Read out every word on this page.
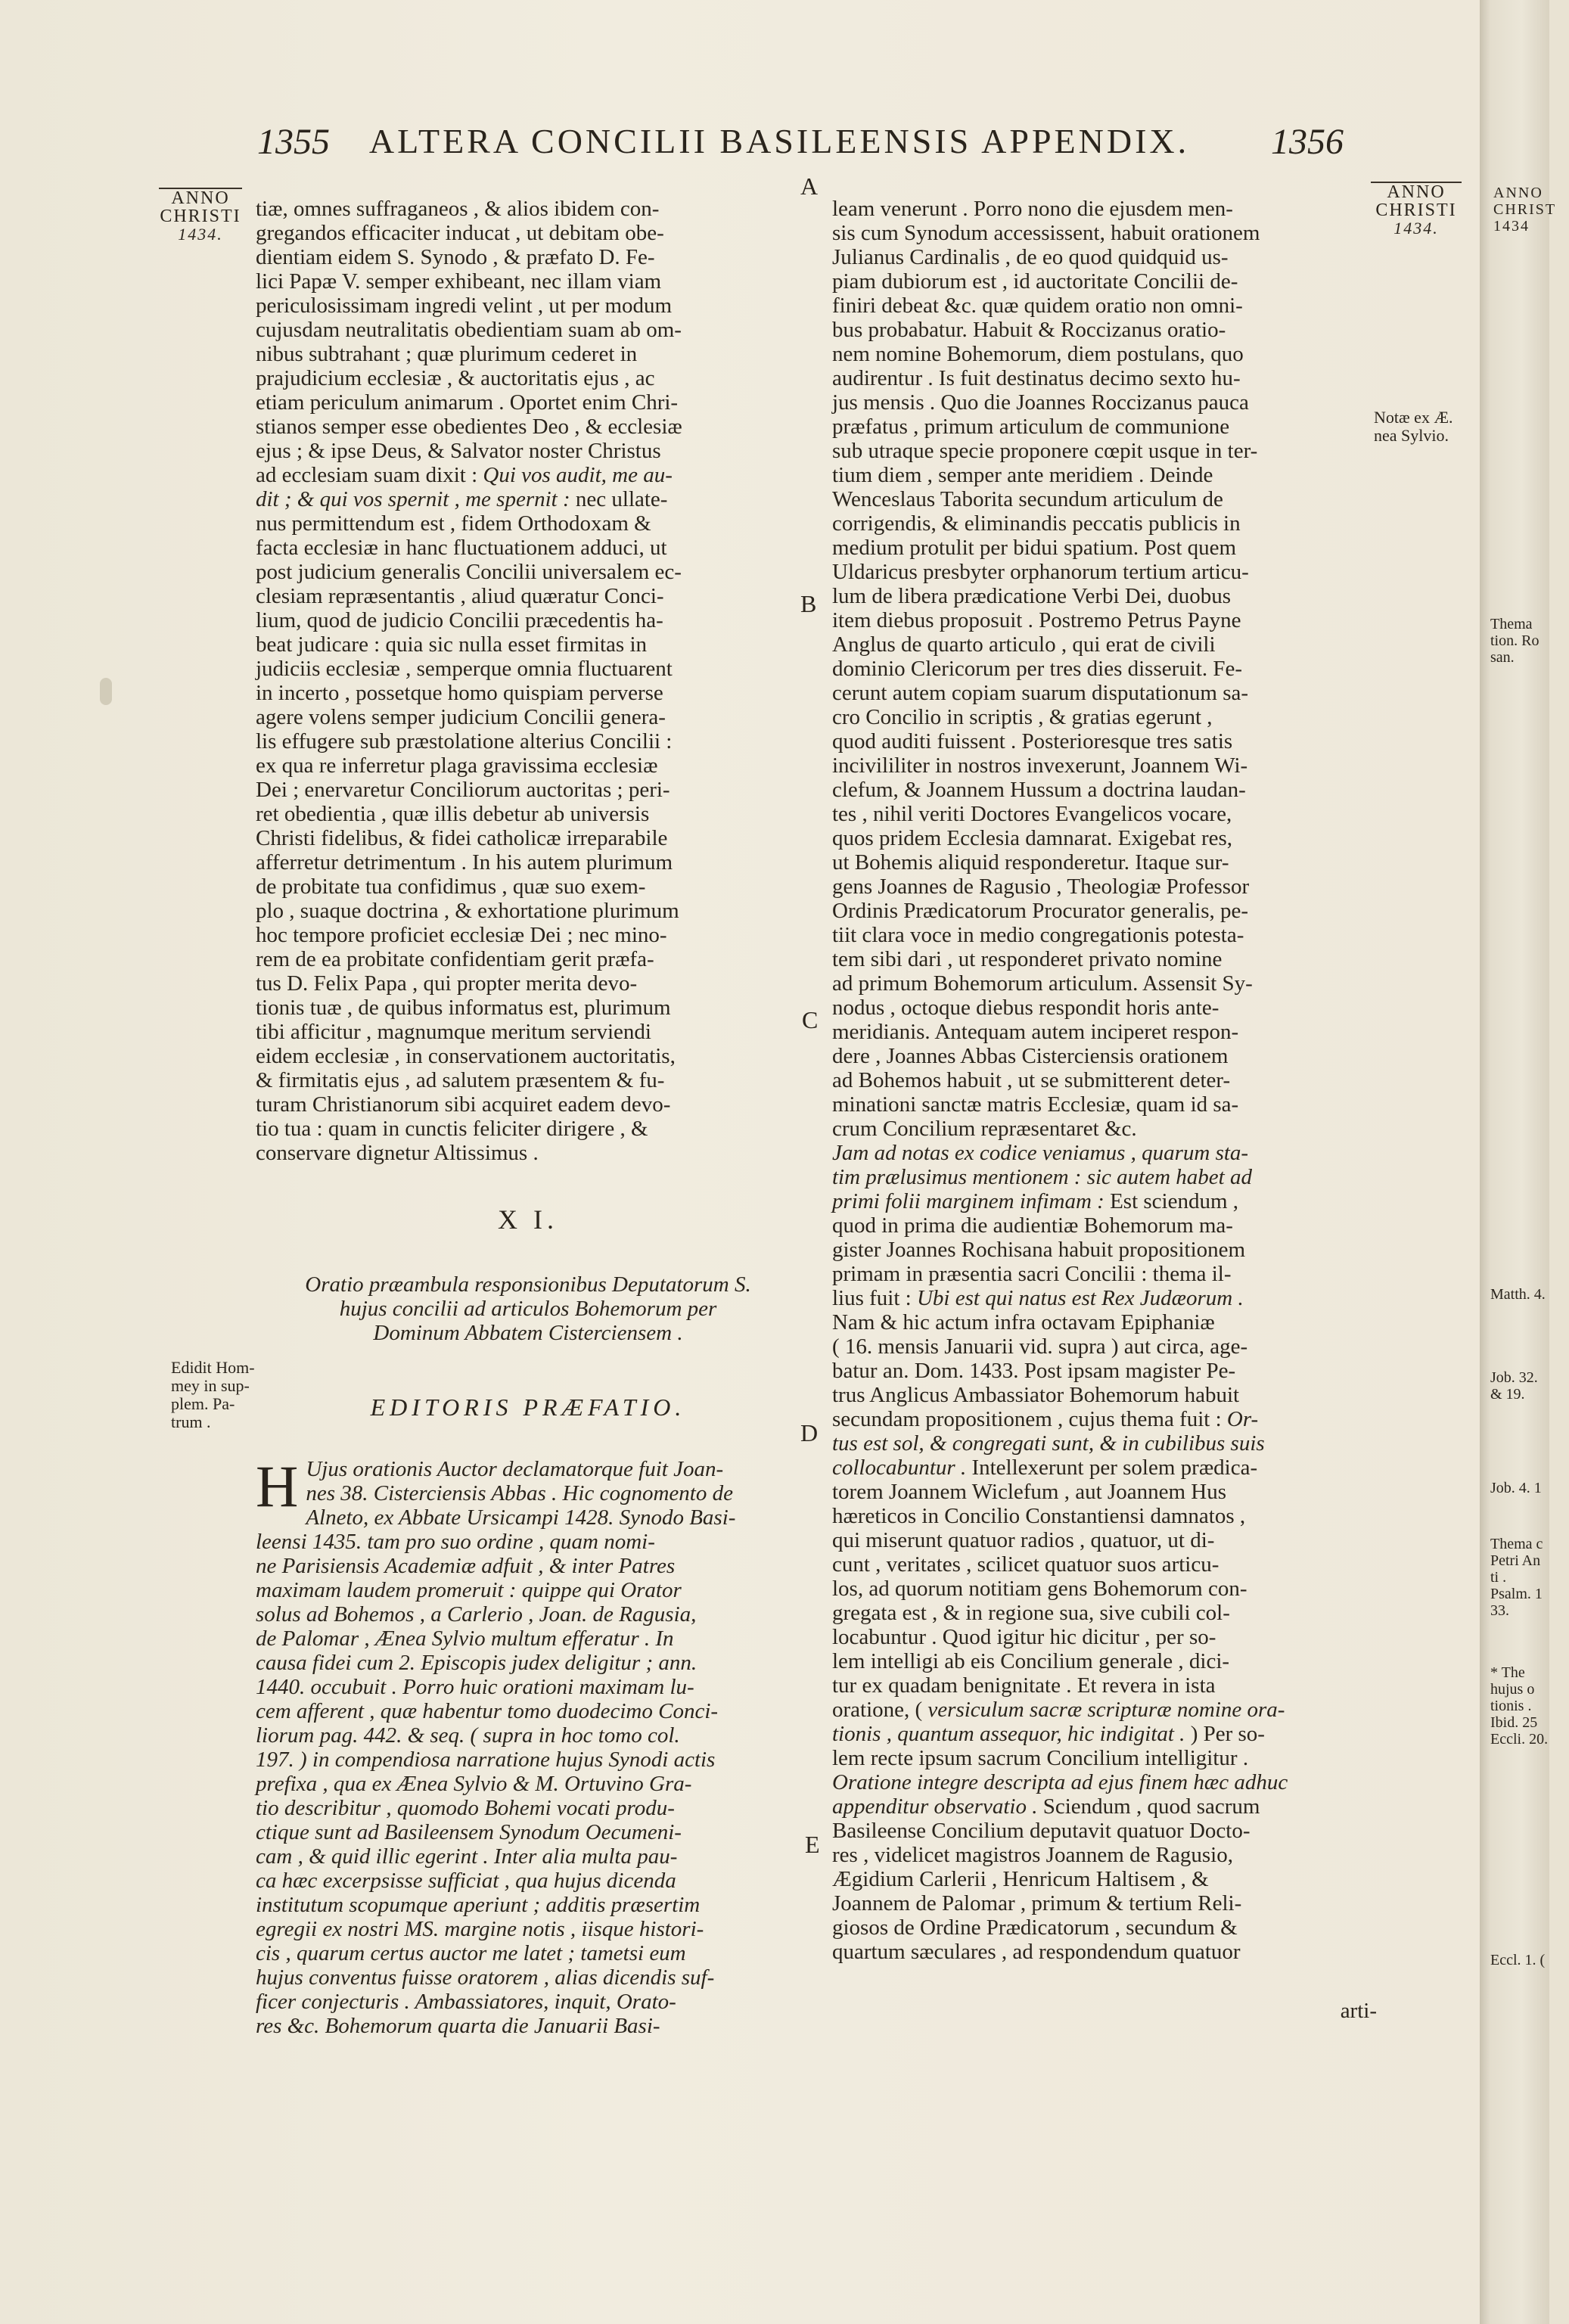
1355	ALTERA CONCILII BASILEENSIS APPENDIX.	1356
ANNO
CHRISTI
1434.
Edidit Hom-
mey in sup-
plem. Pa-
trum .
A
B
C
D
E

tiæ, omnes suffraganeos , & alios ibidem con-
gregandos efficaciter inducat , ut debitam obe-
dientiam eidem S. Synodo , & præfato D. Fe-
lici Papæ V. semper exhibeant, nec illam viam
periculosissimam ingredi velint , ut per modum
cujusdam neutralitatis obedientiam suam ab om-
nibus subtrahant ; quæ plurimum cederet in
prajudicium ecclesiæ , & auctoritatis ejus , ac
etiam periculum animarum . Oportet enim Chri-
stianos semper esse obedientes Deo , & ecclesiæ
ejus ; & ipse Deus, & Salvator noster Christus
ad ecclesiam suam dixit : Qui vos audit, me au-
dit ; & qui vos spernit , me spernit : nec ullate-
nus permittendum est , fidem Orthodoxam &
facta ecclesiæ in hanc fluctuationem adduci, ut
post judicium generalis Concilii universalem ec-
clesiam repræsentantis , aliud quæratur Conci-
lium, quod de judicio Concilii præcedentis ha-
beat judicare : quia sic nulla esset firmitas in
judiciis ecclesiæ , semperque omnia fluctuarent
in incerto , possetque homo quispiam perverse
agere volens semper judicium Concilii genera-
lis effugere sub præstolatione alterius Concilii :
ex qua re inferretur plaga gravissima ecclesiæ
Dei ; enervaretur Conciliorum auctoritas ; peri-
ret obedientia , quæ illis debetur ab universis
Christi fidelibus, & fidei catholicæ irreparabile
afferretur detrimentum . In his autem plurimum
de probitate tua confidimus , quæ suo exem-
plo , suaque doctrina , & exhortatione plurimum
hoc tempore proficiet ecclesiæ Dei ; nec mino-
rem de ea probitate confidentiam gerit præfa-
tus D. Felix Papa , qui propter merita devo-
tionis tuæ , de quibus informatus est, plurimum
tibi afficitur , magnumque meritum serviendi
eidem ecclesiæ , in conservationem auctoritatis,
& firmitatis ejus , ad salutem præsentem & fu-
turam Christianorum sibi acquiret eadem devo-
tio tua : quam in cunctis feliciter dirigere , &
conservare dignetur Altissimus .

X I.

Oratio præambula responsionibus Deputatorum S.
hujus concilii ad articulos Bohemorum per
Dominum Abbatem Cisterciensem .

EDITORIS PRÆFATIO.

H Ujus orationis Auctor declamatorque fuit Joan-
nes 38. Cisterciensis Abbas . Hic cognomento de
Alneto, ex Abbate Ursicampi 1428. Synodo Basi-
leensi 1435. tam pro suo ordine , quam nomi-
ne Parisiensis Academiæ adfuit , & inter Patres
maximam laudem promeruit : quippe qui Orator
solus ad Bohemos , a Carlerio , Joan. de Ragusia,
de Palomar , Ænea Sylvio multum efferatur . In
causa fidei cum 2. Episcopis judex deligitur ; ann.
1440. occubuit . Porro huic orationi maximam lu-
cem afferent , quæ habentur tomo duodecimo Conci-
liorum pag. 442. & seq. ( supra in hoc tomo col.
197. ) in compendiosa narratione hujus Synodi actis
prefixa , qua ex Ænea Sylvio & M. Ortuvino Gra-
tio describitur , quomodo Bohemi vocati produ-
ctique sunt ad Basileensem Synodum Oecumeni-
cam , & quid illic egerint . Inter alia multa pau-
ca hæc excerpsisse sufficiat , qua hujus dicenda
institutum scopumque aperiunt ; additis præsertim
egregii ex nostri MS. margine notis , iisque histori-
cis , quarum certus auctor me latet ; tametsi eum
hujus conventus fuisse oratorem , alias dicendis suf-
ficer conjecturis . Ambassiatores, inquit, Orato-
res &c. Bohemorum quarta die Januarii Basi-

leam venerunt . Porro nono die ejusdem men-
sis cum Synodum accessissent, habuit orationem
Julianus Cardinalis , de eo quod quidquid us-
piam dubiorum est , id auctoritate Concilii de-
finiri debeat &c. quæ quidem oratio non omni-
bus probabatur. Habuit & Roccizanus oratio-
nem nomine Bohemorum, diem postulans, quo
audirentur . Is fuit destinatus decimo sexto hu-
jus mensis . Quo die Joannes Roccizanus pauca
præfatus , primum articulum de communione
sub utraque specie proponere cœpit usque in ter-
tium diem , semper ante meridiem . Deinde
Wenceslaus Taborita secundum articulum de
corrigendis, & eliminandis peccatis publicis in
medium protulit per bidui spatium. Post quem
Uldaricus presbyter orphanorum tertium articu-
lum de libera prædicatione Verbi Dei, duobus
item diebus proposuit . Postremo Petrus Payne
Anglus de quarto articulo , qui erat de civili
dominio Clericorum per tres dies disseruit. Fe-
cerunt autem copiam suarum disputationum sa-
cro Concilio in scriptis , & gratias egerunt ,
quod auditi fuissent . Posterioresque tres satis
incivililiter in nostros invexerunt, Joannem Wi-
clefum, & Joannem Hussum a doctrina laudan-
tes , nihil veriti Doctores Evangelicos vocare,
quos pridem Ecclesia damnarat. Exigebat res,
ut Bohemis aliquid responderetur. Itaque sur-
gens Joannes de Ragusio , Theologiæ Professor
Ordinis Prædicatorum Procurator generalis, pe-
tiit clara voce in medio congregationis potesta-
tem sibi dari , ut responderet privato nomine
ad primum Bohemorum articulum. Assensit Sy-
nodus , octoque diebus respondit horis ante-
meridianis. Antequam autem inciperet respon-
dere , Joannes Abbas Cisterciensis orationem
ad Bohemos habuit , ut se submitterent deter-
minationi sanctæ matris Ecclesiæ, quam id sa-
crum Concilium repræsentaret &c.
Jam ad notas ex codice veniamus , quarum sta-
tim prælusimus mentionem : sic autem habet ad
primi folii marginem infimam : Est sciendum ,
quod in prima die audientiæ Bohemorum ma-
gister Joannes Rochisana habuit propositionem
primam in præsentia sacri Concilii : thema il-
lius fuit : Ubi est qui natus est Rex Judæorum .
Nam & hic actum infra octavam Epiphaniæ
( 16. mensis Januarii vid. supra ) aut circa, age-
batur an. Dom. 1433. Post ipsam magister Pe-
trus Anglicus Ambassiator Bohemorum habuit
secundam propositionem , cujus thema fuit : Or-
tus est sol, & congregati sunt, & in cubilibus suis
collocabuntur . Intellexerunt per solem prædica-
torem Joannem Wiclefum , aut Joannem Hus
hæreticos in Concilio Constantiensi damnatos ,
qui miserunt quatuor radios , quatuor, ut di-
cunt , veritates , scilicet quatuor suos articu-
los, ad quorum notitiam gens Bohemorum con-
gregata est , & in regione sua, sive cubili col-
locabuntur . Quod igitur hic dicitur , per so-
lem intelligi ab eis Concilium generale , dici-
tur ex quadam benignitate . Et revera in ista
oratione, ( versiculum sacræ scripturæ nomine ora-
tionis , quantum assequor, hic indigitat . ) Per so-
lem recte ipsum sacrum Concilium intelligitur .
Oratione integre descripta ad ejus finem hæc adhuc
appenditur observatio . Sciendum , quod sacrum
Basileense Concilium deputavit quatuor Docto-
res , videlicet magistros Joannem de Ragusio,
Ægidium Carlerii , Henricum Haltisem , &
Joannem de Palomar , primum & tertium Reli-
giosos de Ordine Prædicatorum , secundum &
quartum sæculares , ad respondendum quatuor

arti-

ANNO
CHRISTI
1434.
Notæ ex Æ.
nea Sylvio.
ANNO
CHRIST
1434
Thema
tion. Ro
san.
Matth. 4.
Job. 32.
& 19.
Job. 4. 1
Thema c
Petri An
ti .
Psalm. 1
33.
* The
hujus o
tionis .
Ibid. 25
Eccli. 20.
Eccl. 1. (
